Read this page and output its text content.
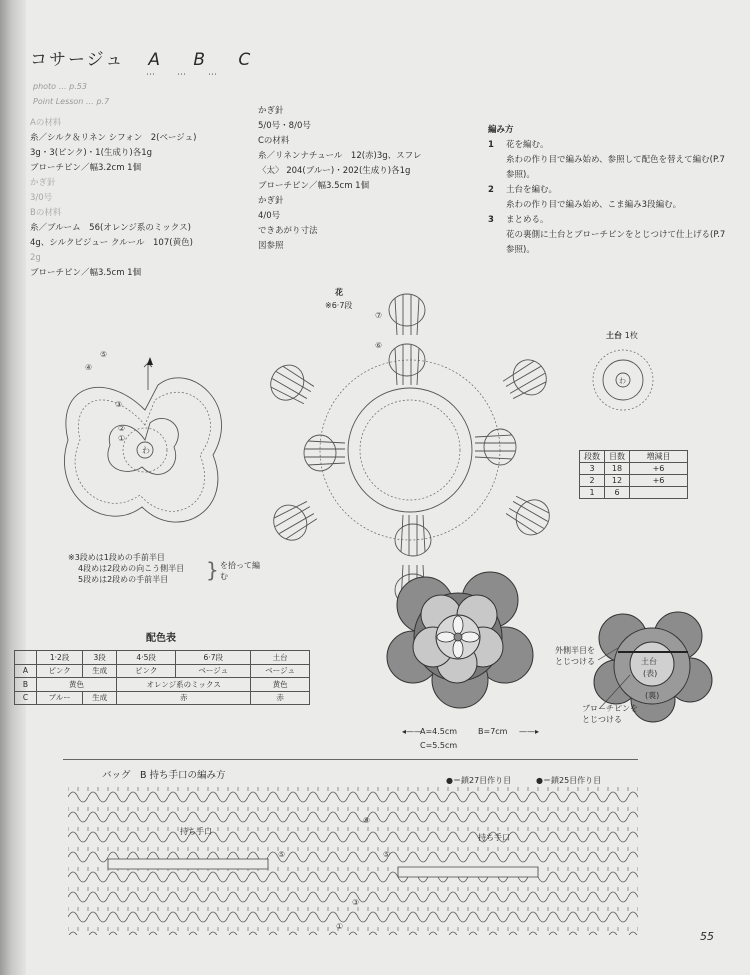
コサージュ A B C
⋯⋯⋯
photo … p.53
Point Lesson … p.7
Aの材料
糸／シルク＆リネン シフォン　2(ベージュ)
3g・3(ピンク)・1(生成り)各1g
ブローチピン／幅3.2cm 1個
かぎ針
3/0号
Bの材料
糸／ブルーム　56(オレンジ系のミックス)
4g、シルクビジュー クルール　107(黄色)
2g
ブローチピン／幅3.5cm 1個
かぎ針
5/0号・8/0号
Cの材料
糸／リネンナチュール　12(赤)3g、スフレ
〈太〉 204(ブルー)・202(生成り)各1g
ブローチピン／幅3.5cm 1個
かぎ針
4/0号
できあがり寸法
図参照
編み方
1	花を編む。
糸わの作り目で編み始め、参照して配色を替えて編む(P.7参照)。
2	土台を編む。
糸わの作り目で編み始め、こま編み3段編む。
3	まとめる。
花の裏側に土台とブローチピンをとじつけて仕上げる(P.7参照)。
⑤
④
③
②
①
わ
花
※6·7段
⑦
⑥
土台 1枚
わ
段数	目数	増減目
3	18	+6
2	12	+6
1	6	
※3段めは1段めの手前半目
4段めは2段めの向こう側半目
5段めは2段めの手前半目	} を拾って編む
配色表
	1·2段	3段	4·5段	6·7段	土台
A	ピンク	生成	ピンク	ベージュ	ベージュ
B	黄色		オレンジ系のミックス		黄色
C	ブルー	生成	赤		赤
土台
(表)
(裏)
外側半目を
とじつける
ブローチピンを
とじつける
◂——
A=4.5cm	B=7cm ——▸
C=5.5cm
バッグ　B 持ち手口の編み方	●＝鎖27目作り目	●＝鎖25目作り目
⑨
⑤	⑤
③
①
持ち手口
持ち手口
55
